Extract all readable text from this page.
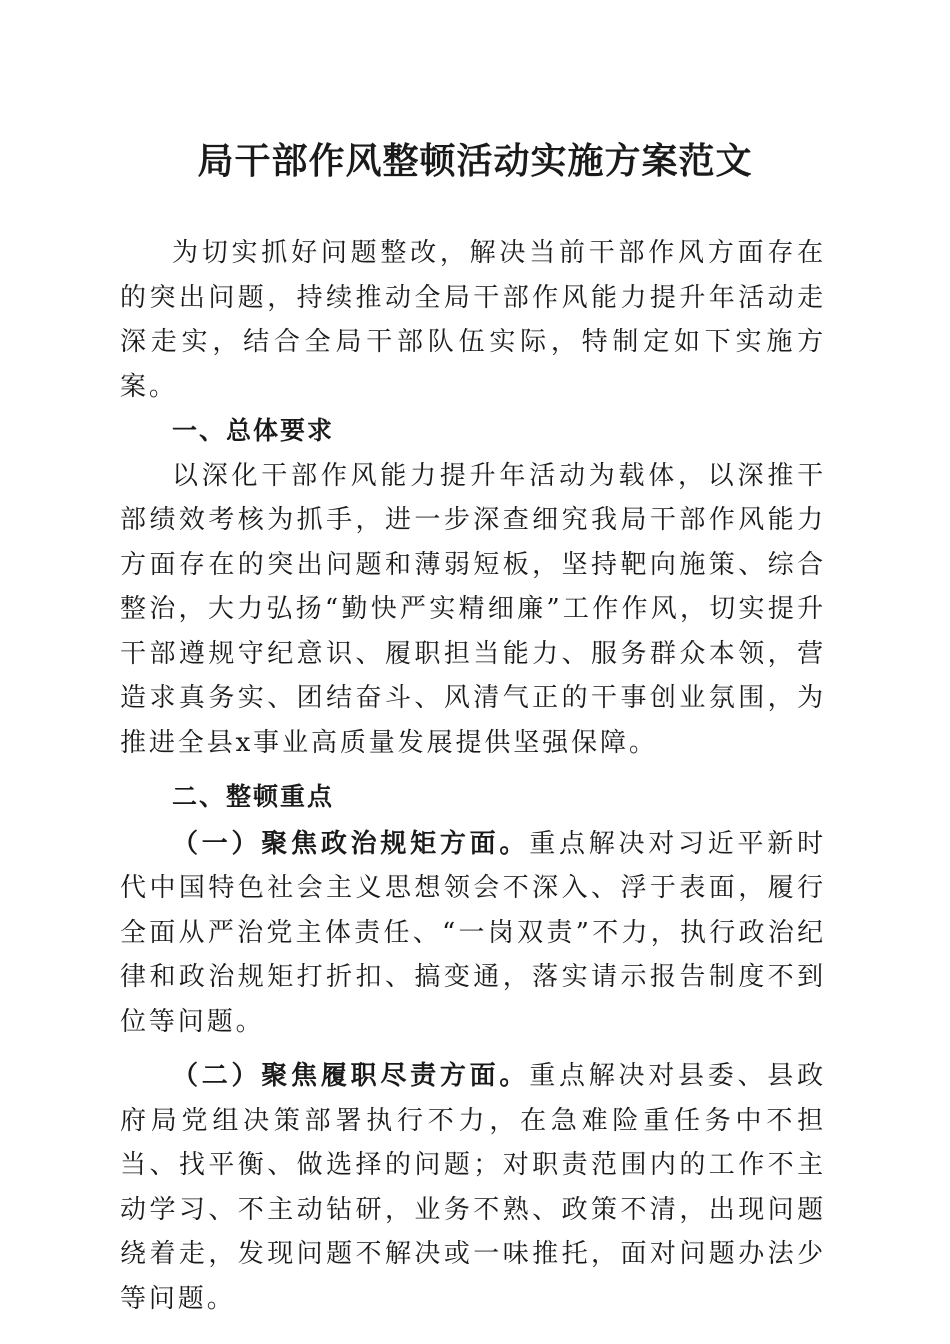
局干部作风整顿活动实施方案范文

为切实抓好问题整改，解决当前干部作风方面存在的突出问题，持续推动全局干部作风能力提升年活动走深走实，结合全局干部队伍实际，特制定如下实施方案。

一、总体要求

以深化干部作风能力提升年活动为载体，以深推干部绩效考核为抓手，进一步深查细究我局干部作风能力方面存在的突出问题和薄弱短板，坚持靶向施策、综合整治，大力弘扬“勤快严实精细廉”工作作风，切实提升干部遵规守纪意识、履职担当能力、服务群众本领，营造求真务实、团结奋斗、风清气正的干事创业氛围，为推进全县x事业高质量发展提供坚强保障。

二、整顿重点

（一）聚焦政治规矩方面。重点解决对习近平新时代中国特色社会主义思想领会不深入、浮于表面，履行全面从严治党主体责任、“一岗双责”不力，执行政治纪律和政治规矩打折扣、搞变通，落实请示报告制度不到位等问题。

（二）聚焦履职尽责方面。重点解决对县委、县政府局党组决策部署执行不力，在急难险重任务中不担当、找平衡、做选择的问题；对职责范围内的工作不主动学习、不主动钻研，业务不熟、政策不清，出现问题绕着走，发现问题不解决或一味推托，面对问题办法少等问题。
